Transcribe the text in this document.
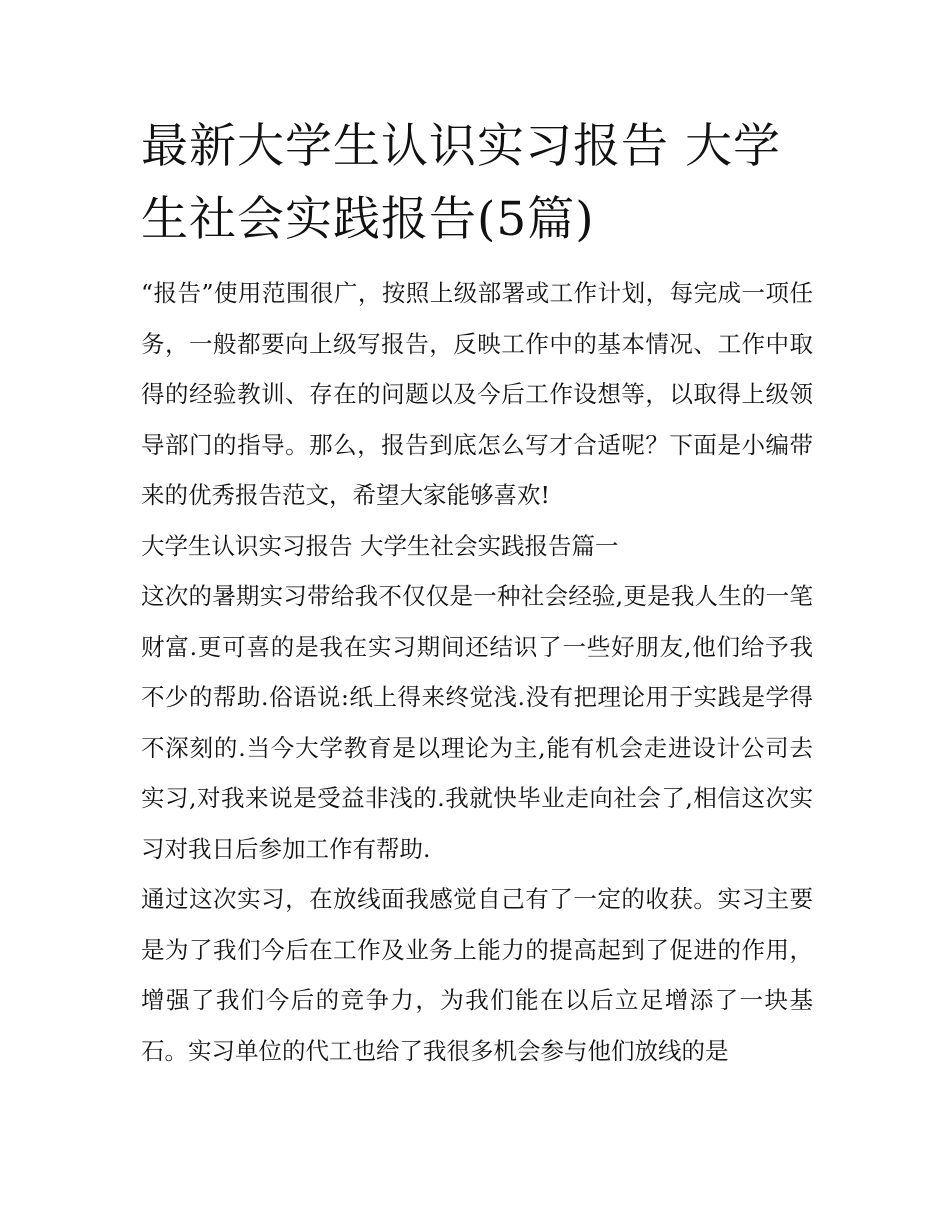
最新大学生认识实习报告 大学生社会实践报告(5篇)

“报告”使用范围很广，按照上级部署或工作计划，每完成一项任务，一般都要向上级写报告，反映工作中的基本情况、工作中取得的经验教训、存在的问题以及今后工作设想等，以取得上级领导部门的指导。那么，报告到底怎么写才合适呢？下面是小编带来的优秀报告范文，希望大家能够喜欢!

大学生认识实习报告 大学生社会实践报告篇一

这次的暑期实习带给我不仅仅是一种社会经验,更是我人生的一笔财富.更可喜的是我在实习期间还结识了一些好朋友,他们给予我不少的帮助.俗语说:纸上得来终觉浅.没有把理论用于实践是学得不深刻的.当今大学教育是以理论为主,能有机会走进设计公司去实习,对我来说是受益非浅的.我就快毕业走向社会了,相信这次实习对我日后参加工作有帮助.

通过这次实习，在放线面我感觉自己有了一定的收获。实习主要是为了我们今后在工作及业务上能力的提高起到了促进的作用，增强了我们今后的竞争力，为我们能在以后立足增添了一块基石。实习单位的代工也给了我很多机会参与他们放线的是
